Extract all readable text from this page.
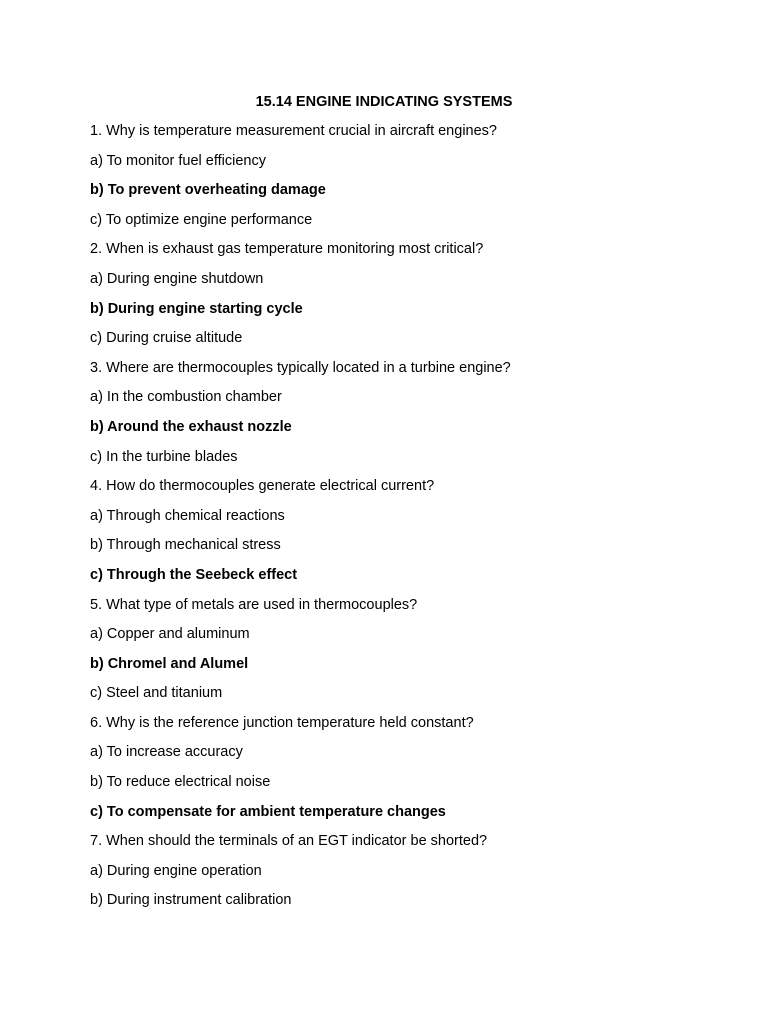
15.14 ENGINE INDICATING SYSTEMS
1. Why is temperature measurement crucial in aircraft engines?
a) To monitor fuel efficiency
b) To prevent overheating damage
c) To optimize engine performance
2. When is exhaust gas temperature monitoring most critical?
a) During engine shutdown
b) During engine starting cycle
c) During cruise altitude
3. Where are thermocouples typically located in a turbine engine?
a) In the combustion chamber
b) Around the exhaust nozzle
c) In the turbine blades
4. How do thermocouples generate electrical current?
a) Through chemical reactions
b) Through mechanical stress
c) Through the Seebeck effect
5. What type of metals are used in thermocouples?
a) Copper and aluminum
b) Chromel and Alumel
c) Steel and titanium
6. Why is the reference junction temperature held constant?
a) To increase accuracy
b) To reduce electrical noise
c) To compensate for ambient temperature changes
7. When should the terminals of an EGT indicator be shorted?
a) During engine operation
b) During instrument calibration
